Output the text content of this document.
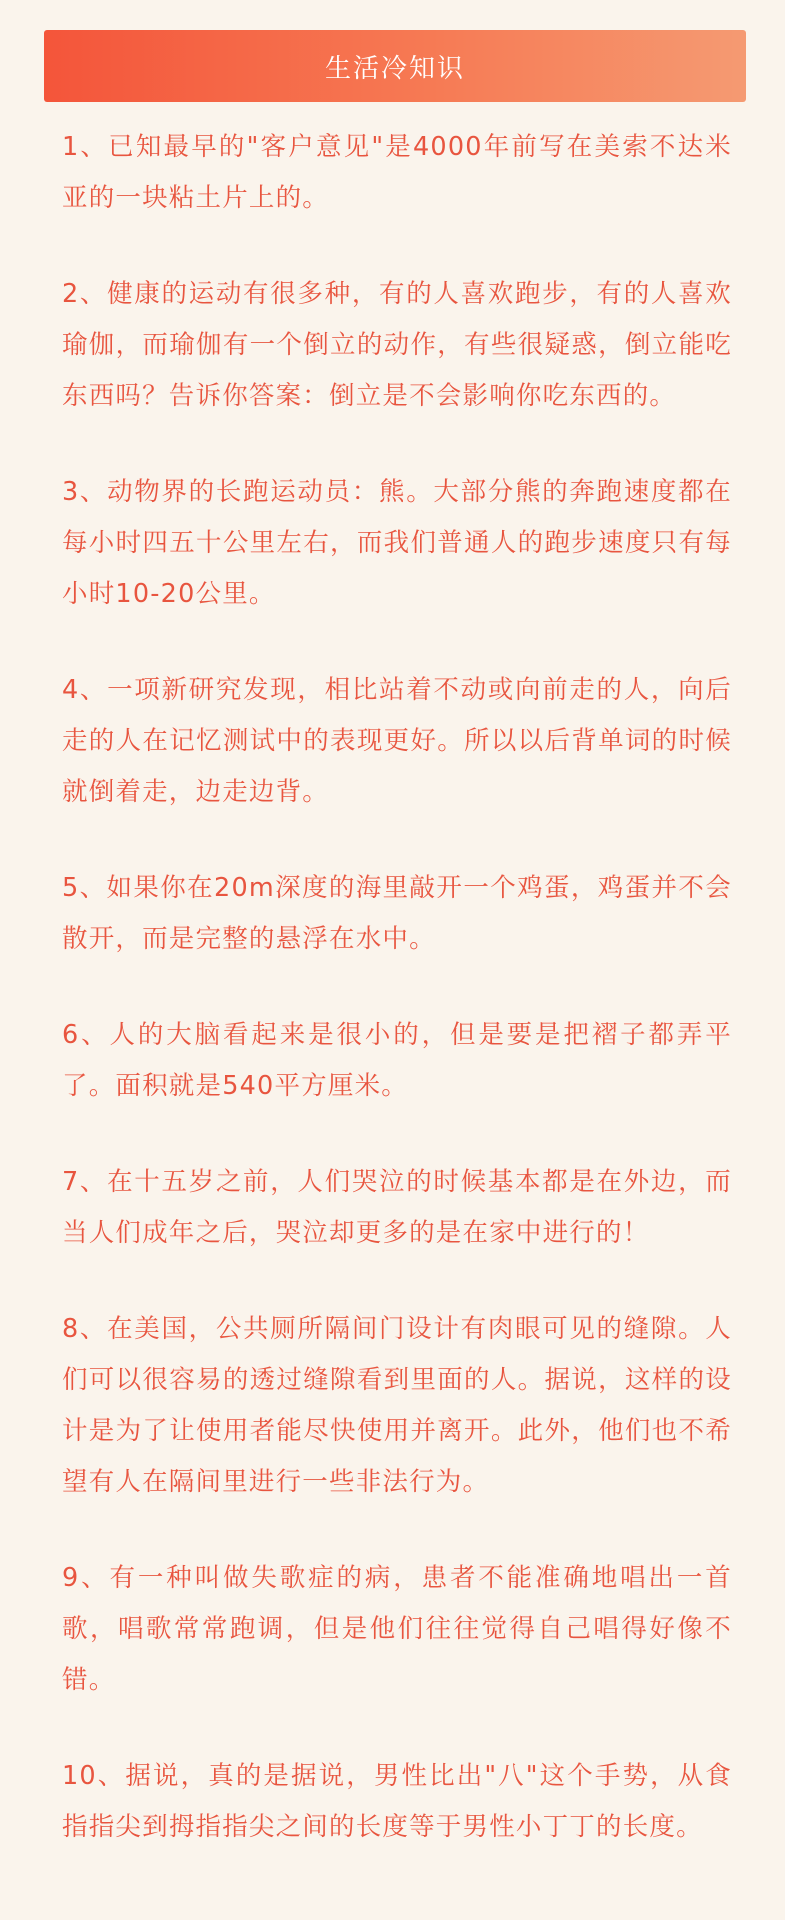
生活冷知识

1、已知最早的"客户意见"是4000年前写在美索不达米亚的一块粘土片上的。

2、健康的运动有很多种，有的人喜欢跑步，有的人喜欢瑜伽，而瑜伽有一个倒立的动作，有些很疑惑，倒立能吃东西吗？告诉你答案：倒立是不会影响你吃东西的。

3、动物界的长跑运动员：熊。大部分熊的奔跑速度都在每小时四五十公里左右，而我们普通人的跑步速度只有每小时10-20公里。

4、一项新研究发现，相比站着不动或向前走的人，向后走的人在记忆测试中的表现更好。所以以后背单词的时候就倒着走，边走边背。

5、如果你在20m深度的海里敲开一个鸡蛋，鸡蛋并不会散开，而是完整的悬浮在水中。

6、人的大脑看起来是很小的，但是要是把褶子都弄平了。面积就是540平方厘米。

7、在十五岁之前，人们哭泣的时候基本都是在外边，而当人们成年之后，哭泣却更多的是在家中进行的！

8、在美国，公共厕所隔间门设计有肉眼可见的缝隙。人们可以很容易的透过缝隙看到里面的人。据说，这样的设计是为了让使用者能尽快使用并离开。此外，他们也不希望有人在隔间里进行一些非法行为。

9、有一种叫做失歌症的病，患者不能准确地唱出一首歌，唱歌常常跑调，但是他们往往觉得自己唱得好像不错。

10、据说，真的是据说，男性比出"八"这个手势，从食指指尖到拇指指尖之间的长度等于男性小丁丁的长度。
